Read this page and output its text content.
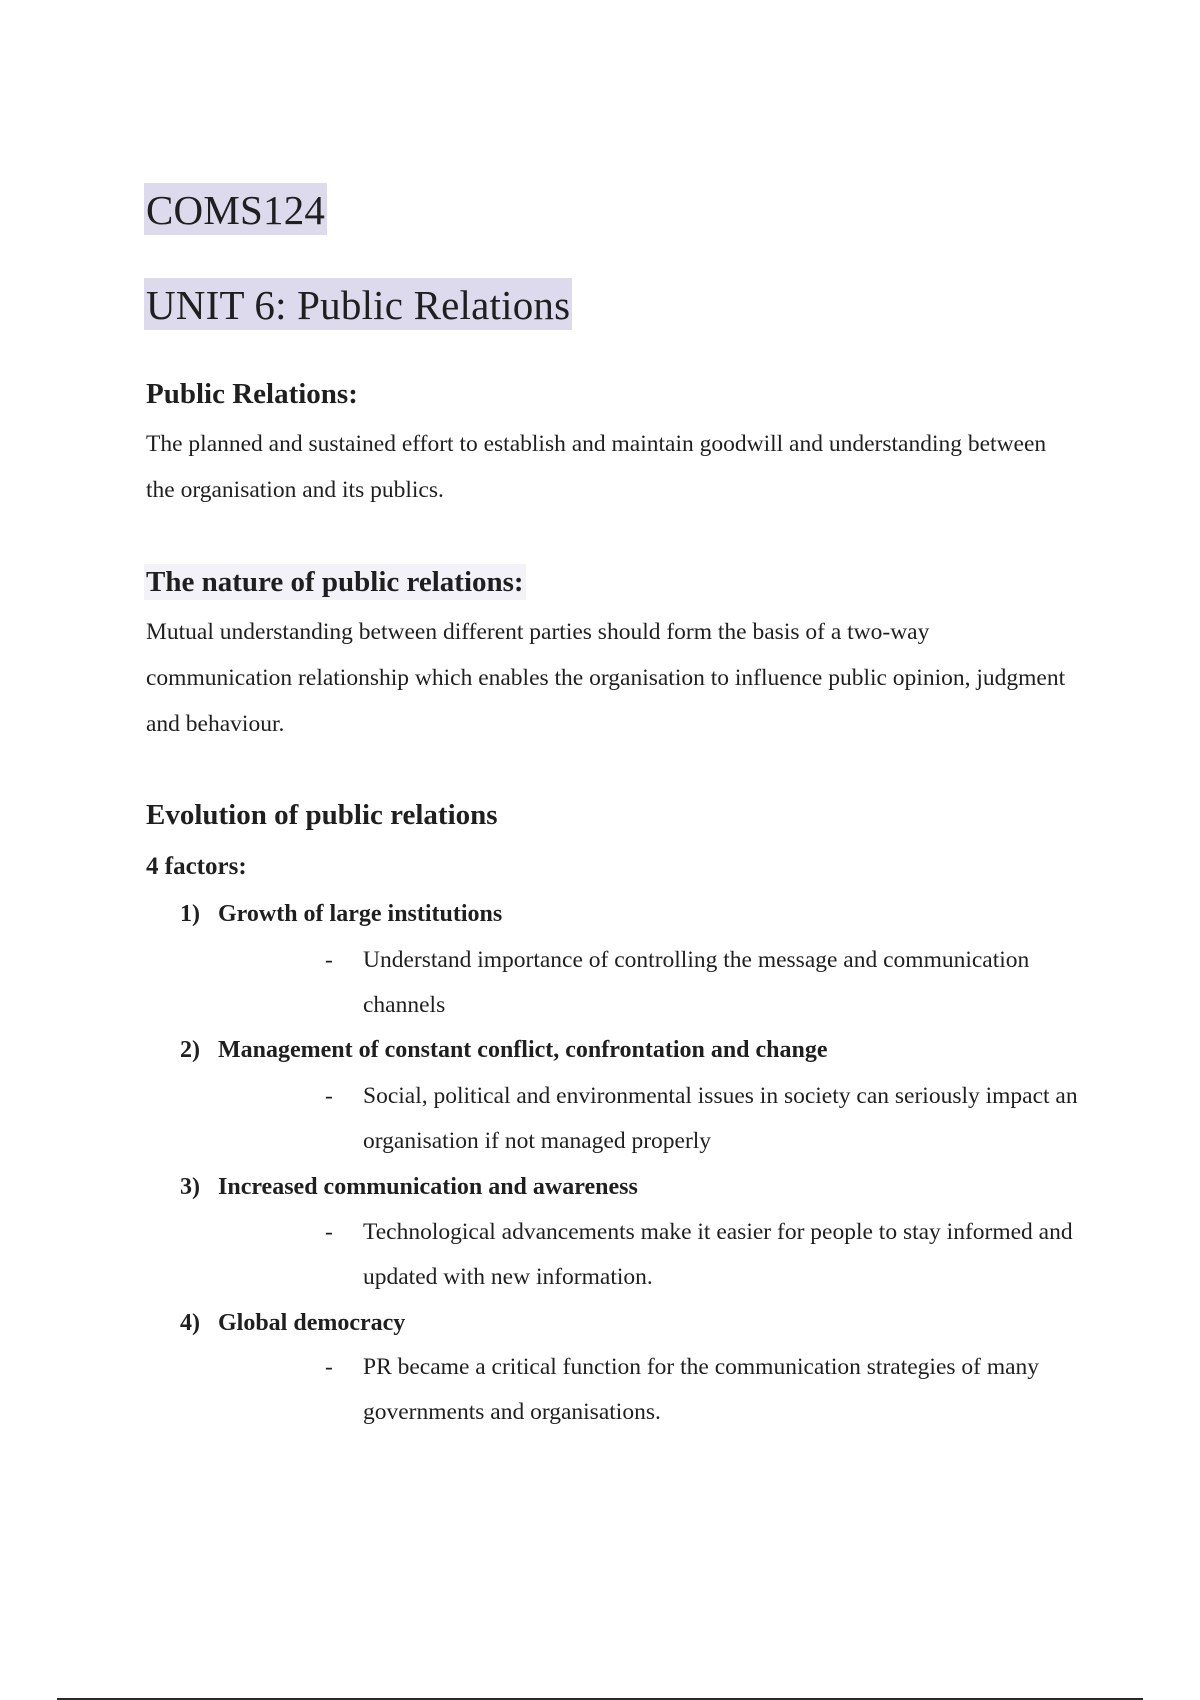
COMS124
UNIT 6: Public Relations
Public Relations:

The planned and sustained effort to establish and maintain goodwill and understanding between the organisation and its publics.

The nature of public relations:

Mutual understanding between different parties should form the basis of a two-way communication relationship which enables the organisation to influence public opinion, judgment and behaviour.

Evolution of public relations
4 factors:
1) Growth of large institutions
-	Understand importance of controlling the message and communication channels
2) Management of constant conflict, confrontation and change
-	Social, political and environmental issues in society can seriously impact an organisation if not managed properly
3) Increased communication and awareness
-	Technological advancements make it easier for people to stay informed and updated with new information.
4) Global democracy
-	PR became a critical function for the communication strategies of many governments and organisations.
